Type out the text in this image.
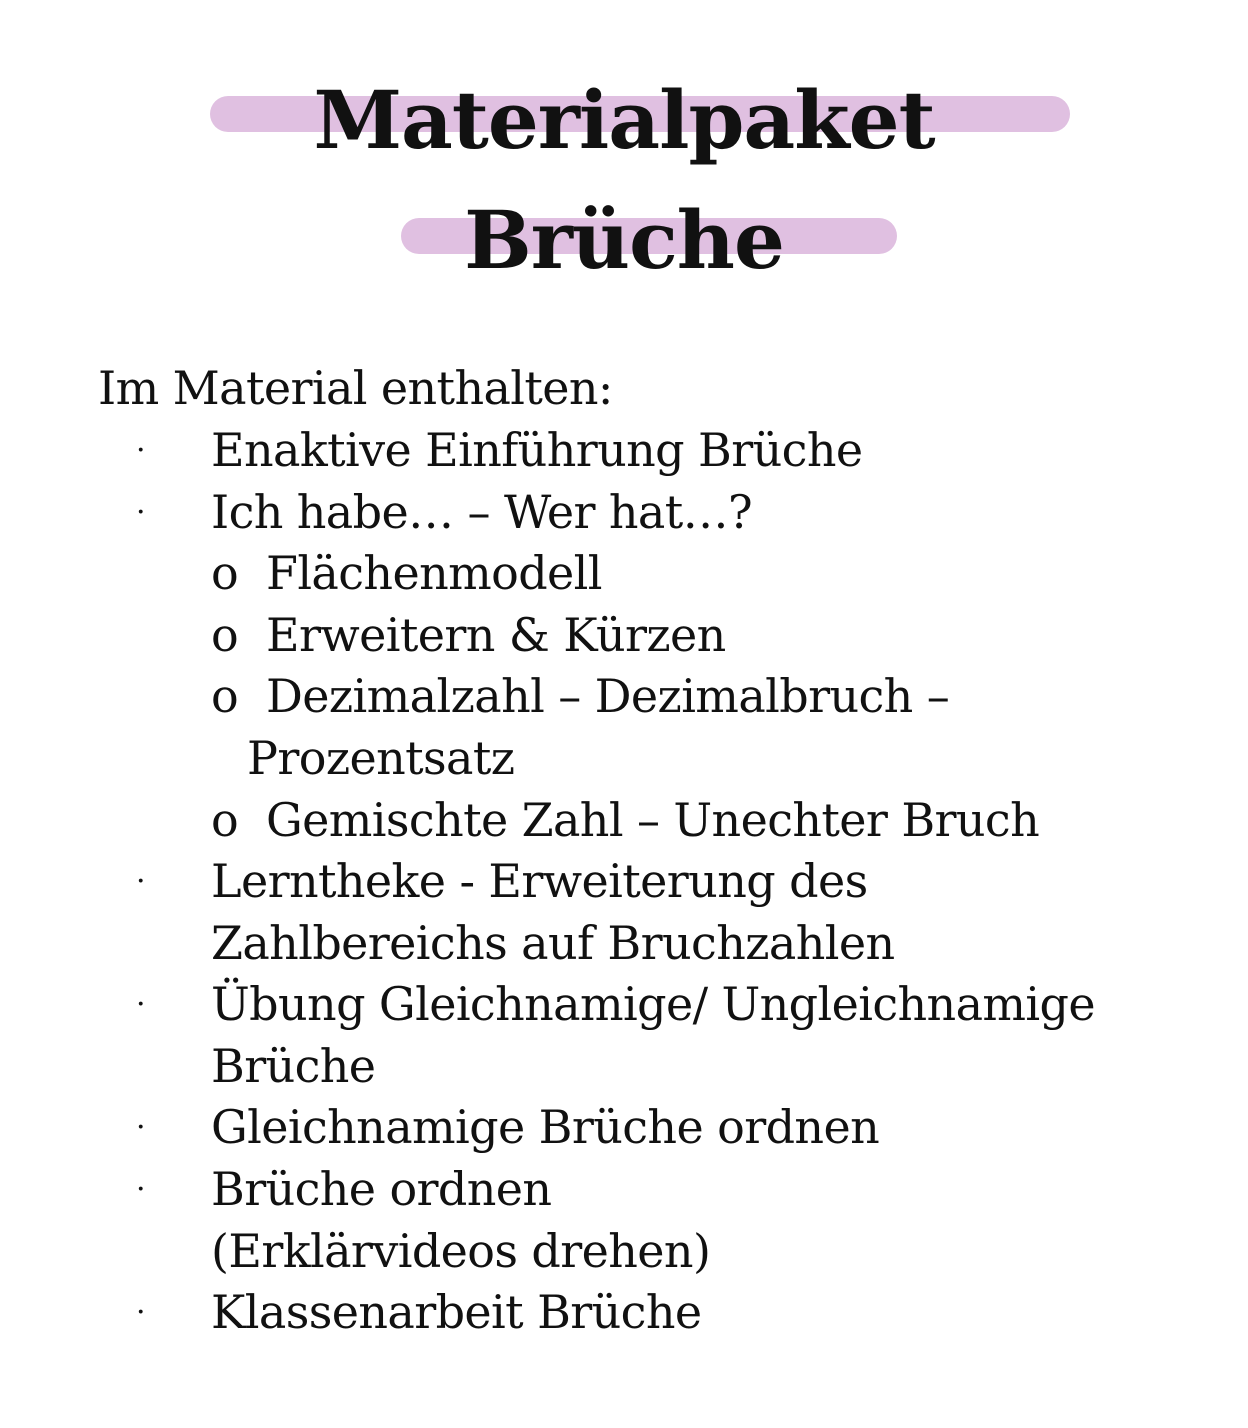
Materialpaket
Brüche
Im Material enthalten:
· Enaktive Einführung Brüche
· Ich habe… – Wer hat…?
o Flächenmodell
o Erweitern & Kürzen
o Dezimalzahl – Dezimalbruch –
Prozentsatz
o Gemischte Zahl – Unechter Bruch
· Lerntheke - Erweiterung des
Zahlbereichs auf Bruchzahlen
· Übung Gleichnamige/ Ungleichnamige
Brüche
· Gleichnamige Brüche ordnen
· Brüche ordnen
(Erklärvideos drehen)
· Klassenarbeit Brüche
